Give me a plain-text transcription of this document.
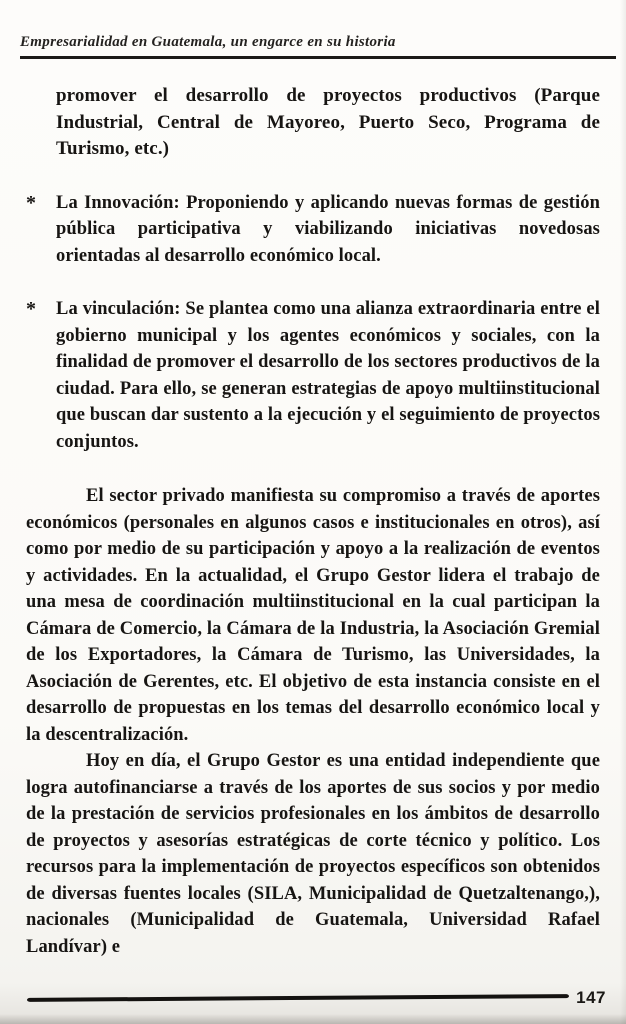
Empresarialidad en Guatemala, un engarce en su historia

promover el desarrollo de proyectos productivos (Parque Industrial, Central de Mayoreo, Puerto Seco, Programa de Turismo, etc.)

*	La Innovación: Proponiendo y aplicando nuevas formas de gestión pública participativa y viabilizando iniciativas novedosas orientadas al desarrollo económico local.

*	La vinculación: Se plantea como una alianza extraordinaria entre el gobierno municipal y los agentes económicos y sociales, con la finalidad de promover el desarrollo de los sectores productivos de la ciudad. Para ello, se generan estrategias de apoyo multiinstitucional que buscan dar sustento a la ejecución y el seguimiento de proyectos conjuntos.

El sector privado manifiesta su compromiso a través de aportes económicos (personales en algunos casos e institucionales en otros), así como por medio de su participación y apoyo a la realización de eventos y actividades. En la actualidad, el Grupo Gestor lidera el trabajo de una mesa de coordinación multiinstitucional en la cual participan la Cámara de Comercio, la Cámara de la Industria, la Asociación Gremial de los Exportadores, la Cámara de Turismo, las Universidades, la Asociación de Gerentes, etc. El objetivo de esta instancia consiste en el desarrollo de propuestas en los temas del desarrollo económico local y la descentralización.

Hoy en día, el Grupo Gestor es una entidad independiente que logra autofinanciarse a través de los aportes de sus socios y por medio de la prestación de servicios profesionales en los ámbitos de desarrollo de proyectos y asesorías estratégicas de corte técnico y político. Los recursos para la implementación de proyectos específicos son obtenidos de diversas fuentes locales (SILA, Municipalidad de Quetzaltenango,), nacionales (Municipalidad de Guatemala, Universidad Rafael Landívar) e

147
